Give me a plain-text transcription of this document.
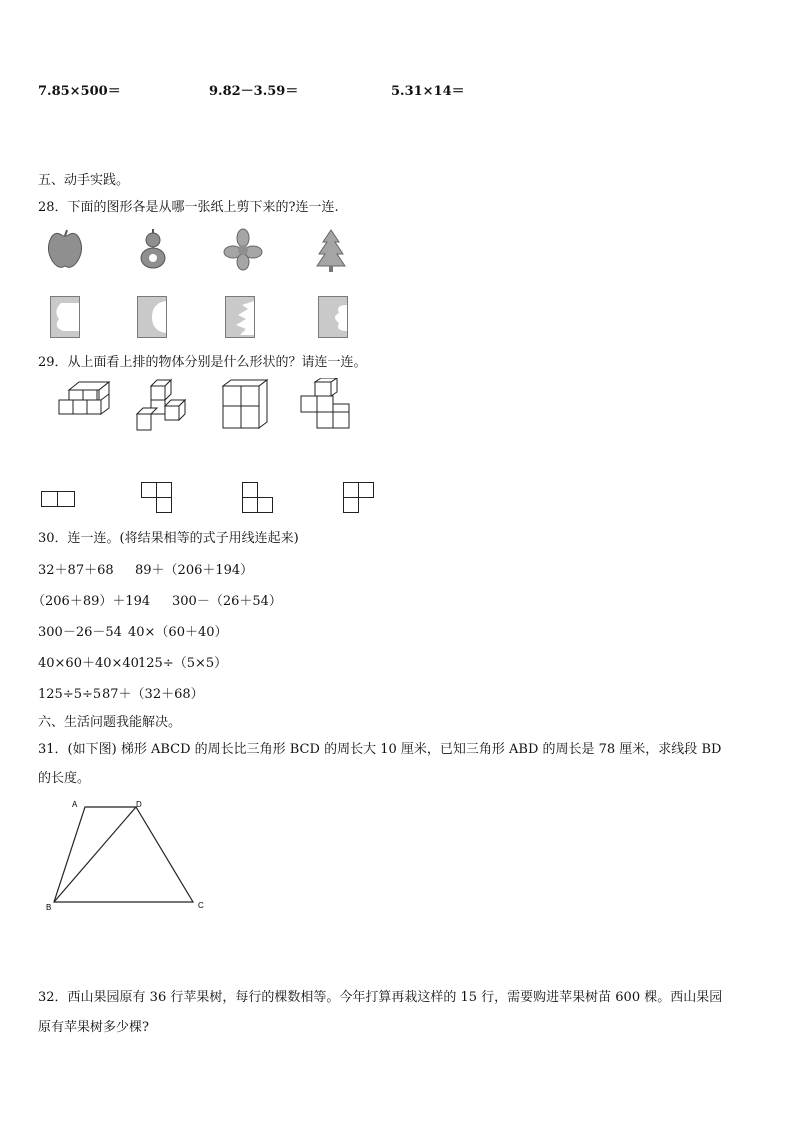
7.85×500＝	9.82－3.59＝	5.31×14＝
五、动手实践。
28．下面的图形各是从哪一张纸上剪下来的?连一连.
29．从上面看上排的物体分别是什么形状的？请连一连。
30．连一连。(将结果相等的式子用线连起来)
32＋87＋68 89＋（206＋194）
（206＋89）＋194 300－（26＋54）
300－26－54 40×（60＋40）
40×60＋40×40 125÷（5×5）
125÷5÷5 87＋（32＋68）
六、生活问题我能解决。
31．(如下图) 梯形 ABCD 的周长比三角形 BCD 的周长大 10 厘米，已知三角形 ABD 的周长是 78 厘米，求线段 BD
的长度。
A	D
B	C
32．西山果园原有 36 行苹果树，每行的棵数相等。今年打算再栽这样的 15 行，需要购进苹果树苗 600 棵。西山果园
原有苹果树多少棵?
